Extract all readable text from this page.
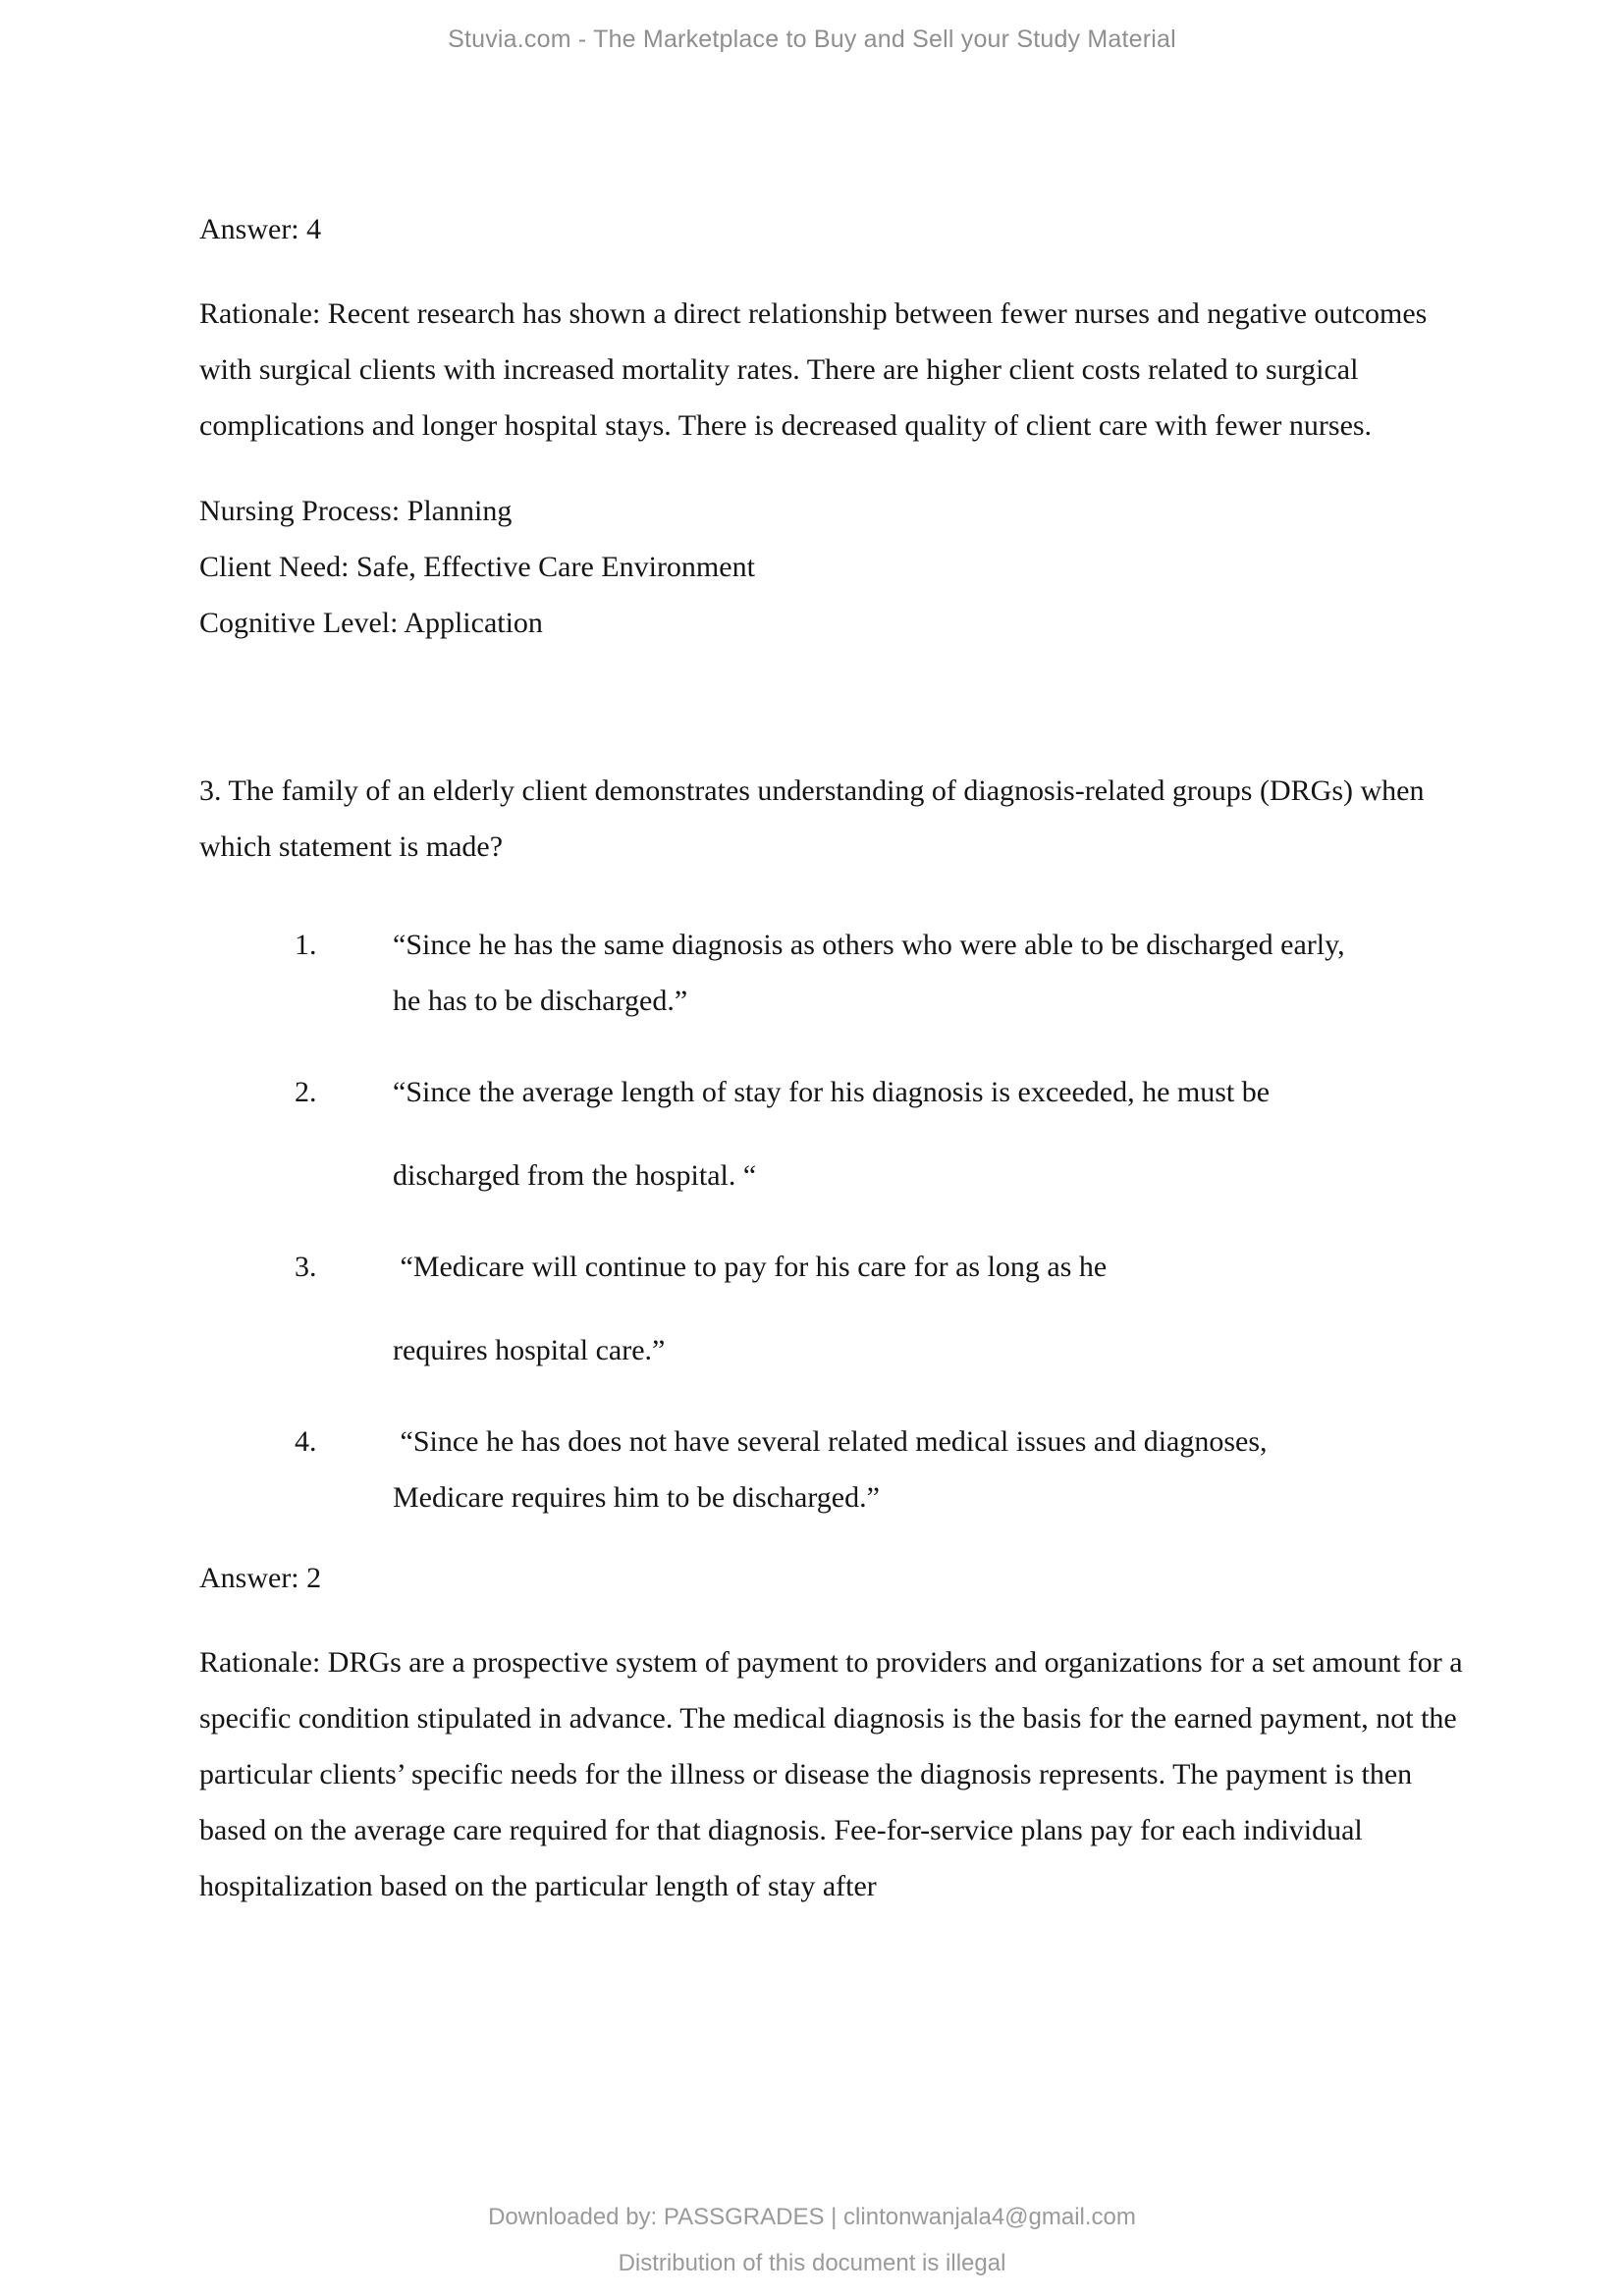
Stuvia.com - The Marketplace to Buy and Sell your Study Material

Answer: 4

Rationale: Recent research has shown a direct relationship between fewer nurses and negative outcomes with surgical clients with increased mortality rates. There are higher client costs related to surgical complications and longer hospital stays. There is decreased quality of client care with fewer nurses.

Nursing Process: Planning
Client Need: Safe, Effective Care Environment
Cognitive Level: Application

3. The family of an elderly client demonstrates understanding of diagnosis-related groups (DRGs) when which statement is made?

1.	“Since he has the same diagnosis as others who were able to be discharged early,

he has to be discharged.”

2.	“Since the average length of stay for his diagnosis is exceeded, he must be

discharged from the hospital. “

3.	“Medicare will continue to pay for his care for as long as he

requires hospital care.”

4.	“Since he has does not have several related medical issues and diagnoses,

Medicare requires him to be discharged.”

Answer: 2

Rationale: DRGs are a prospective system of payment to providers and organizations for a set amount for a specific condition stipulated in advance. The medical diagnosis is the basis for the earned payment, not the particular clients’ specific needs for the illness or disease the diagnosis represents. The payment is then based on the average care required for that diagnosis. Fee-for-service plans pay for each individual hospitalization based on the particular length of stay after

Downloaded by: PASSGRADES | clintonwanjala4@gmail.com
Distribution of this document is illegal
